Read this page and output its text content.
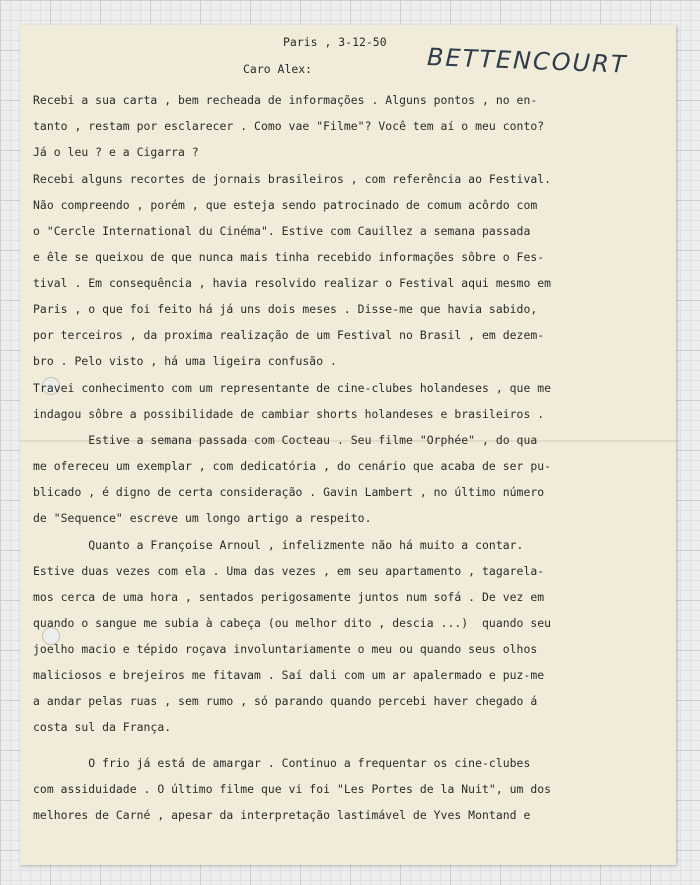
Paris , 3-12-50

BETTENCOURT

Caro Alex:

Recebi a sua carta , bem recheada de informações . Alguns pontos , no en-

tanto , restam por esclarecer . Como vae "Filme"? Você tem aí o meu conto?

Já o leu ? e a Cigarra ?

Recebi alguns recortes de jornais brasileiros , com referência ao Festival.

Não compreendo , porém , que esteja sendo patrocinado de comum acôrdo com

o "Cercle International du Cinéma". Estive com Cauillez a semana passada

e êle se queixou de que nunca mais tinha recebido informações sôbre o Fes-

tival . Em consequência , havia resolvido realizar o Festival aqui mesmo em

Paris , o que foi feito há já uns dois meses . Disse-me que havia sabido,

por terceiros , da proxima realização de um Festival no Brasil , em dezem-

bro . Pelo visto , há uma ligeira confusão .

Travei conhecimento com um representante de cine-clubes holandeses , que me

indagou sôbre a possibilidade de cambiar shorts holandeses e brasileiros .

Estive a semana passada com Cocteau . Seu filme "Orphée" , do qua

me ofereceu um exemplar , com dedicatória , do cenário que acaba de ser pu-

blicado , é digno de certa consideração . Gavin Lambert , no último número

de "Sequence" escreve um longo artigo a respeito.

Quanto a Françoise Arnoul , infelizmente não há muito a contar.

Estive duas vezes com ela . Uma das vezes , em seu apartamento , tagarela-

mos cerca de uma hora , sentados perigosamente juntos num sofá . De vez em

quando o sangue me subia à cabeça (ou melhor dito , descia ...)  quando seu

joelho macio e tépido roçava involuntariamente o meu ou quando seus olhos

maliciosos e brejeiros me fitavam . Saí dali com um ar apalermado e puz-me

a andar pelas ruas , sem rumo , só parando quando percebi haver chegado á

costa sul da França.

O frio já está de amargar . Continuo a frequentar os cine-clubes

com assiduidade . O último filme que vi foi "Les Portes de la Nuit", um dos

melhores de Carné , apesar da interpretação lastimável de Yves Montand e
